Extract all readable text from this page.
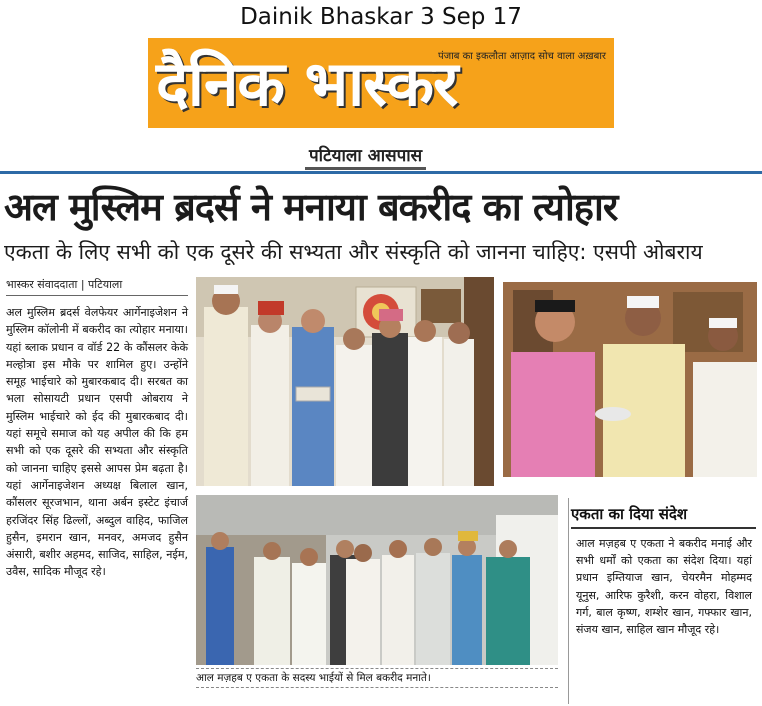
Dainik Bhaskar 3 Sep 17
दैनिक भास्कर
पंजाब का इकलौता आज़ाद सोच वाला अख़बार
पटियाला आसपास
अल मुस्लिम ब्रदर्स ने मनाया बकरीद का त्योहार
एकता के लिए सभी को एक दूसरे की सभ्यता और संस्कृति को जानना चाहिए: एसपी ओबराय
भास्कर संवाददाता | पटियाला
अल मुस्लिम ब्रदर्स वेलफेयर आर्गेनाइजेशन ने मुस्लिम कॉलोनी में बकरीद का त्योहार मनाया। यहां ब्लाक प्रधान व वॉर्ड 22 के कौंसलर केके मल्होत्रा इस मौके पर शामिल हुए। उन्होंने समूह भाईचारे को मुबारकबाद दी। सरबत का भला सोसायटी प्रधान एसपी ओबराय ने मुस्लिम भाईचारे को ईद की मुबारकबाद दी। यहां समूचे समाज को यह अपील की कि हम सभी को एक दूसरे की सभ्यता और संस्कृति को जानना चाहिए इससे आपस प्रेम बढ़ता है। यहां आर्गेनाइजेशन अध्यक्ष बिलाल खान, कौंसलर सूरजभान, थाना अर्बन इस्टेट इंचार्ज हरजिंदर सिंह ढिल्लों, अब्दुल वाहिद, फाजिल हुसैन, इमरान खान, मनवर, अमजद हुसैन अंसारी, बशीर अहमद, साजिद, साहिल, नईम, उवैस, सादिक मौजूद रहे।
आल मज़हब ए एकता के सदस्य भाईयों से मिल बकरीद मनाते।
एकता का दिया संदेश
आल मज़हब ए एकता ने बकरीद मनाई और सभी धर्मों को एकता का संदेश दिया। यहां प्रधान इम्तियाज खान, चेयरमैन मोहम्मद यूनुस, आरिफ कुरैशी, करन वोहरा, विशाल गर्ग, बाल कृष्ण, शम्शेर खान, गफ्फार खान, संजय खान, साहिल खान मौजूद रहे।
